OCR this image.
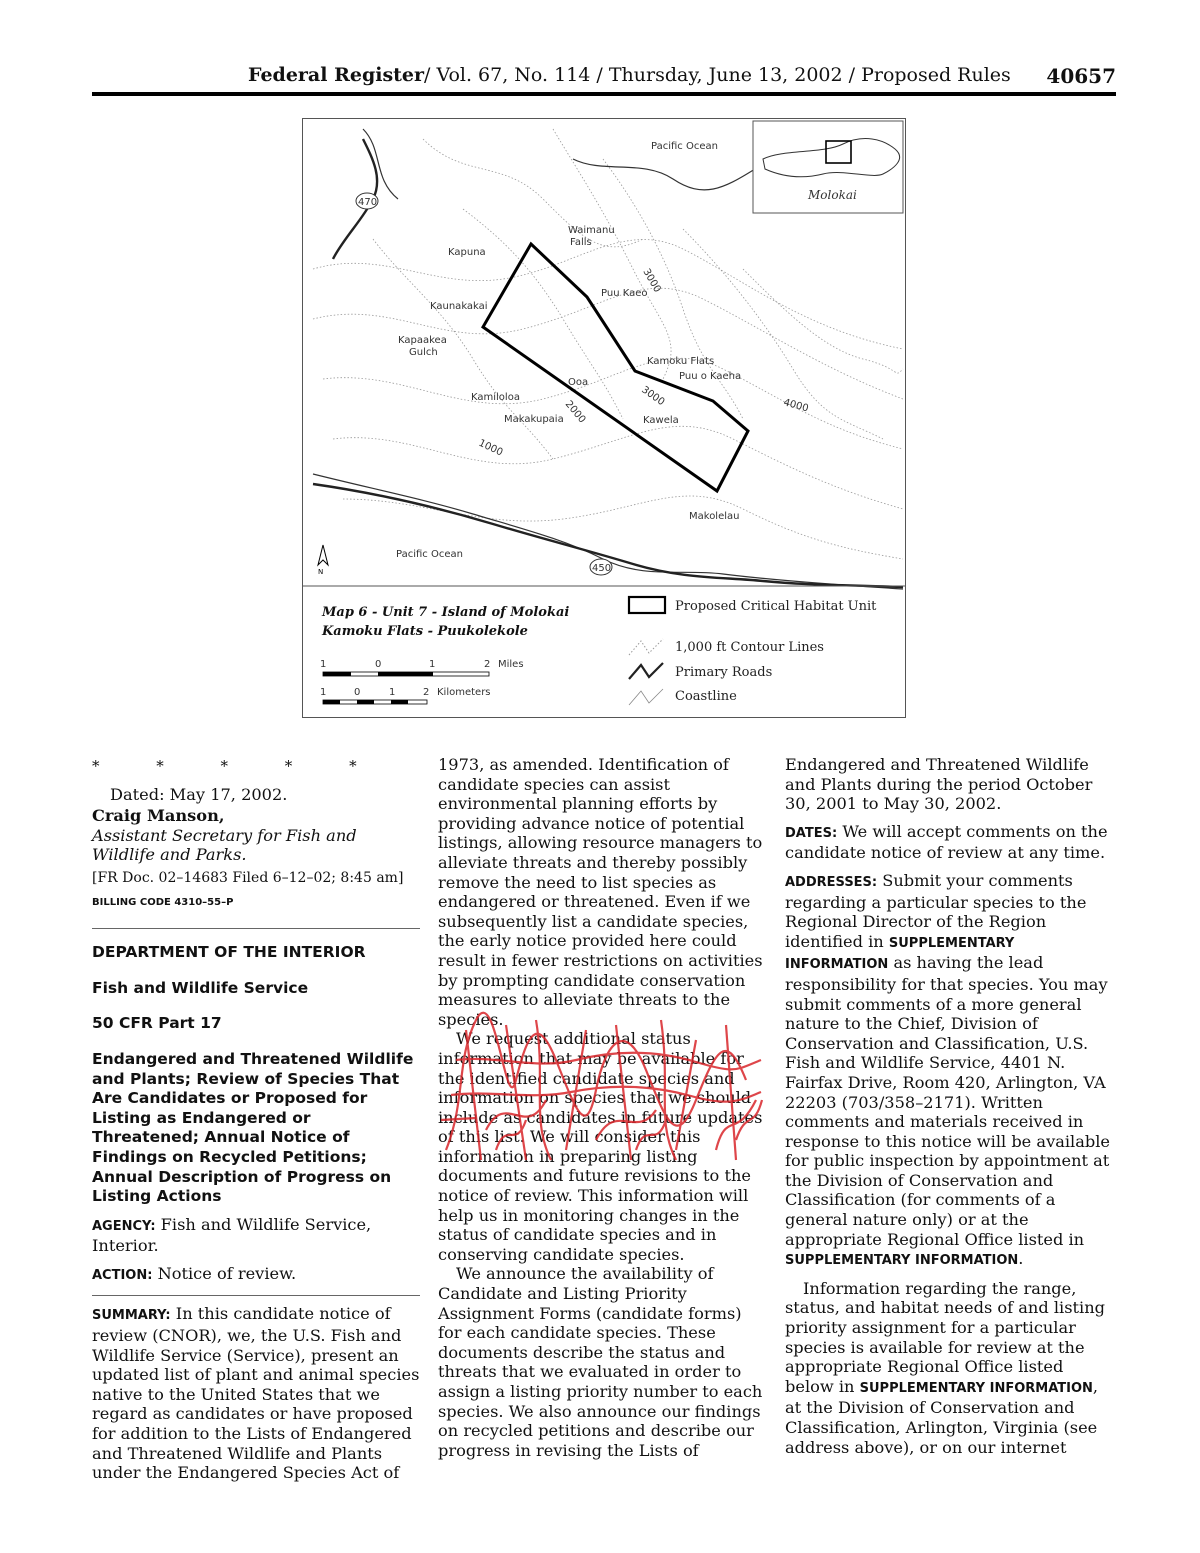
Federal Register/ Vol. 67, No. 114 / Thursday, June 13, 2002 / Proposed Rules 40657
470
450
Molokai
Pacific Ocean
Waimanu
Falls
Kapuna
Puu Kaeo
Kaunakakai
Kapaakea
Gulch
Kamoku Flats
Puu o Kaeha
Ooa
Kamiloloa
Makakupaia	Kawela
Makolelau
Pacific Ocean
3000
3000
2000
1000
4000
N
Map 6 - Unit 7 - Island of Molokai
Kamoku Flats - Puukolekole
1	0	1	2 Miles
1	0	1	2 Kilometers
Proposed Critical Habitat Unit
1,000 ft Contour Lines
Primary Roads
Coastline

* * * * *

Dated: May 17, 2002.

Craig Manson,

Assistant Secretary for Fish and Wildlife and Parks.

[FR Doc. 02–14683 Filed 6–12–02; 8:45 am]

BILLING CODE 4310–55–P

DEPARTMENT OF THE INTERIOR

Fish and Wildlife Service

50 CFR Part 17

Endangered and Threatened Wildlife and Plants; Review of Species That Are Candidates or Proposed for Listing as Endangered or Threatened; Annual Notice of Findings on Recycled Petitions; Annual Description of Progress on Listing Actions

AGENCY: Fish and Wildlife Service, Interior.

ACTION: Notice of review.

SUMMARY: In this candidate notice of review (CNOR), we, the U.S. Fish and Wildlife Service (Service), present an updated list of plant and animal species native to the United States that we regard as candidates or have proposed for addition to the Lists of Endangered and Threatened Wildlife and Plants under the Endangered Species Act of

1973, as amended. Identification of candidate species can assist environmental planning efforts by providing advance notice of potential listings, allowing resource managers to alleviate threats and thereby possibly remove the need to list species as endangered or threatened. Even if we subsequently list a candidate species, the early notice provided here could result in fewer restrictions on activities by prompting candidate conservation measures to alleviate threats to the species.

We request additional status information that may be available for the identified candidate species and information on species that we should include as candidates in future updates of this list. We will consider this information in preparing listing documents and future revisions to the notice of review. This information will help us in monitoring changes in the status of candidate species and in conserving candidate species.

We announce the availability of Candidate and Listing Priority Assignment Forms (candidate forms) for each candidate species. These documents describe the status and threats that we evaluated in order to assign a listing priority number to each species. We also announce our findings on recycled petitions and describe our progress in revising the Lists of

Endangered and Threatened Wildlife and Plants during the period October 30, 2001 to May 30, 2002.

DATES: We will accept comments on the candidate notice of review at any time.

ADDRESSES: Submit your comments regarding a particular species to the Regional Director of the Region identified in SUPPLEMENTARY INFORMATION as having the lead responsibility for that species. You may submit comments of a more general nature to the Chief, Division of Conservation and Classification, U.S. Fish and Wildlife Service, 4401 N. Fairfax Drive, Room 420, Arlington, VA 22203 (703/358–2171). Written comments and materials received in response to this notice will be available for public inspection by appointment at the Division of Conservation and Classification (for comments of a general nature only) or at the appropriate Regional Office listed in SUPPLEMENTARY INFORMATION.

Information regarding the range, status, and habitat needs of and listing priority assignment for a particular species is available for review at the appropriate Regional Office listed below in SUPPLEMENTARY INFORMATION, at the Division of Conservation and Classification, Arlington, Virginia (see address above), or on our internet
